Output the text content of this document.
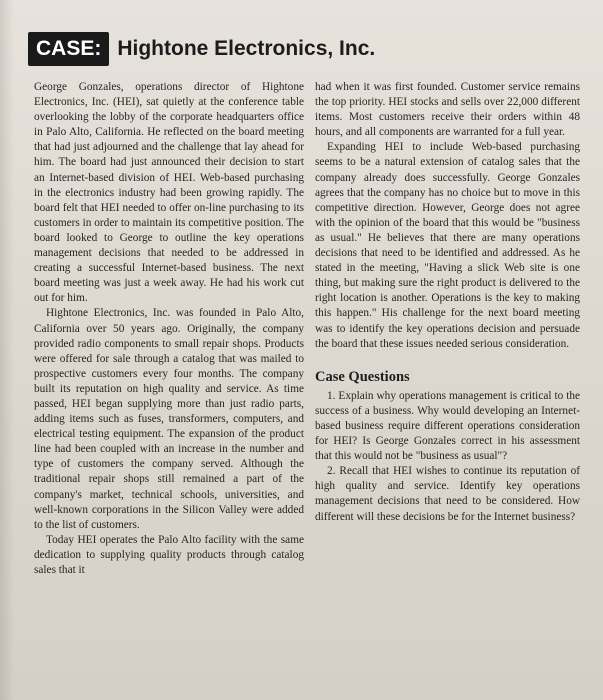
CASE: Hightone Electronics, Inc.

George Gonzales, operations director of Hightone Electronics, Inc. (HEI), sat quietly at the conference table overlooking the lobby of the corporate headquarters office in Palo Alto, California. He reflected on the board meeting that had just adjourned and the challenge that lay ahead for him. The board had just announced their decision to start an Internet-based division of HEI. Web-based purchasing in the electronics industry had been growing rapidly. The board felt that HEI needed to offer on-line purchasing to its customers in order to maintain its competitive position. The board looked to George to outline the key operations management decisions that needed to be addressed in creating a successful Internet-based business. The next board meeting was just a week away. He had his work cut out for him.

Hightone Electronics, Inc. was founded in Palo Alto, California over 50 years ago. Originally, the company provided radio components to small repair shops. Products were offered for sale through a catalog that was mailed to prospective customers every four months. The company built its reputation on high quality and service. As time passed, HEI began supplying more than just radio parts, adding items such as fuses, transformers, computers, and electrical testing equipment. The expansion of the product line had been coupled with an increase in the number and type of customers the company served. Although the traditional repair shops still remained a part of the company's market, technical schools, universities, and well-known corporations in the Silicon Valley were added to the list of customers.

Today HEI operates the Palo Alto facility with the same dedication to supplying quality products through catalog sales that it

had when it was first founded. Customer service remains the top priority. HEI stocks and sells over 22,000 different items. Most customers receive their orders within 48 hours, and all components are warranted for a full year.

Expanding HEI to include Web-based purchasing seems to be a natural extension of catalog sales that the company already does successfully. George Gonzales agrees that the company has no choice but to move in this competitive direction. However, George does not agree with the opinion of the board that this would be "business as usual." He believes that there are many operations decisions that need to be identified and addressed. As he stated in the meeting, "Having a slick Web site is one thing, but making sure the right product is delivered to the right location is another. Operations is the key to making this happen." His challenge for the next board meeting was to identify the key operations decision and persuade the board that these issues needed serious consideration.

Case Questions

1. Explain why operations management is critical to the success of a business. Why would developing an Internet-based business require different operations consideration for HEI? Is George Gonzales correct in his assessment that this would not be "business as usual"?

2. Recall that HEI wishes to continue its reputation of high quality and service. Identify key operations management decisions that need to be considered. How different will these decisions be for the Internet business?
